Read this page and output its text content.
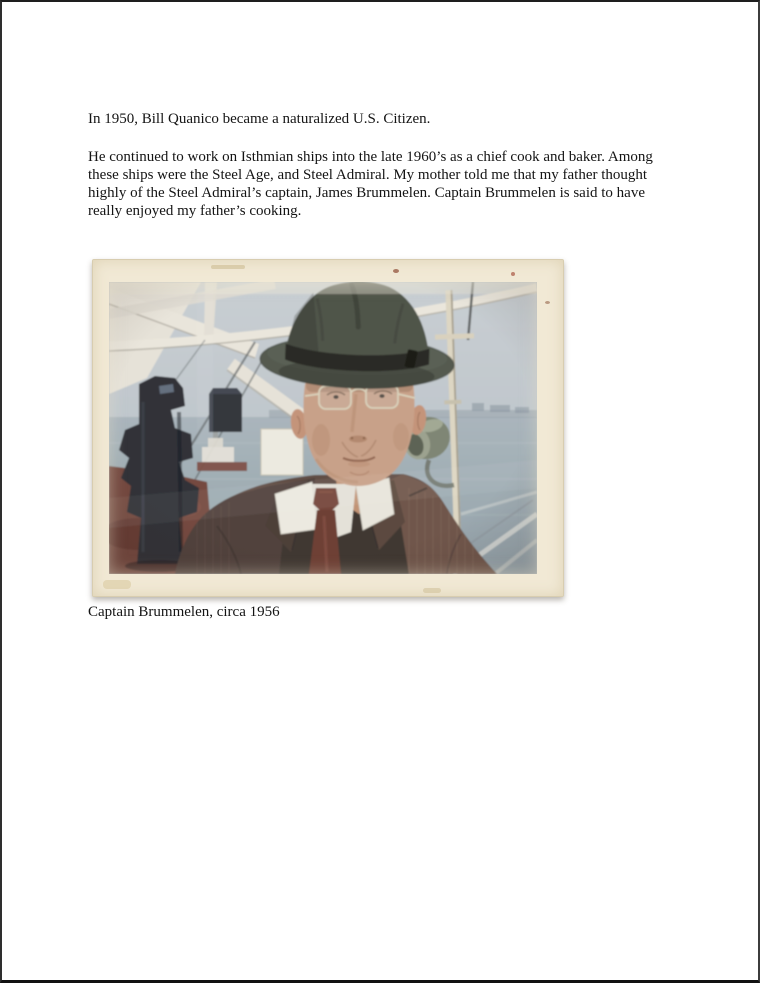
In 1950, Bill Quanico became a naturalized U.S. Citizen.

He continued to work on Isthmian ships into the late 1960’s as a chief cook and baker. Among
these ships were the Steel Age, and Steel Admiral. My mother told me that my father thought
highly of the Steel Admiral’s captain, James Brummelen. Captain Brummelen is said to have
really enjoyed my father’s cooking.

Captain Brummelen, circa 1956
